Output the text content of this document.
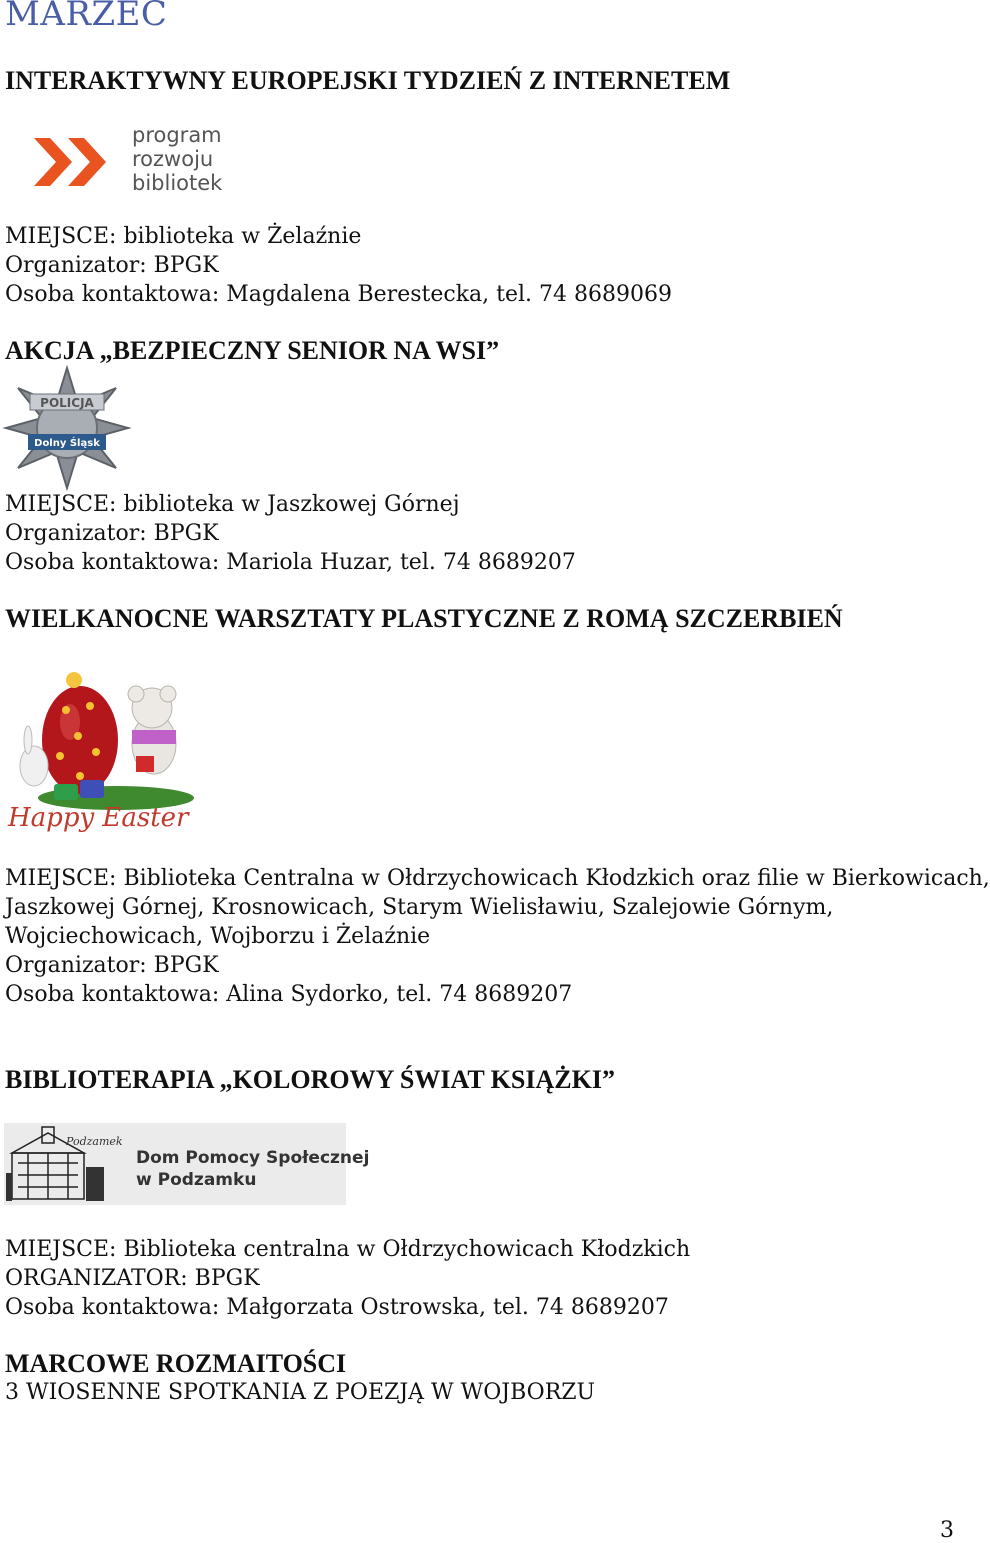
MARZEC
INTERAKTYWNY EUROPEJSKI TYDZIEŃ Z INTERNETEM
program
rozwoju
bibliotek
MIEJSCE: biblioteka w Żelaźnie
Organizator: BPGK
Osoba kontaktowa: Magdalena Berestecka, tel. 74 8689069
AKCJA „BEZPIECZNY SENIOR NA WSI”
POLICJA
Dolny Śląsk
MIEJSCE: biblioteka w Jaszkowej Górnej
Organizator: BPGK
Osoba kontaktowa: Mariola Huzar, tel. 74 8689207
WIELKANOCNE WARSZTATY PLASTYCZNE Z ROMĄ SZCZERBIEŃ
Happy Easter
MIEJSCE: Biblioteka Centralna w Ołdrzychowicach Kłodzkich oraz filie w Bierkowicach,
Jaszkowej Górnej, Krosnowicach, Starym Wielisławiu, Szalejowie Górnym,
Wojciechowicach, Wojborzu i Żelaźnie
Organizator: BPGK
Osoba kontaktowa: Alina Sydorko, tel. 74 8689207
BIBLIOTERAPIA „KOLOROWY ŚWIAT KSIĄŻKI”
Podzamek
Dom Pomocy Społecznej
w Podzamku
MIEJSCE: Biblioteka centralna w Ołdrzychowicach Kłodzkich
ORGANIZATOR: BPGK
Osoba kontaktowa: Małgorzata Ostrowska, tel. 74 8689207
MARCOWE ROZMAITOŚCI
3 WIOSENNE SPOTKANIA Z POEZJĄ W WOJBORZU
3
